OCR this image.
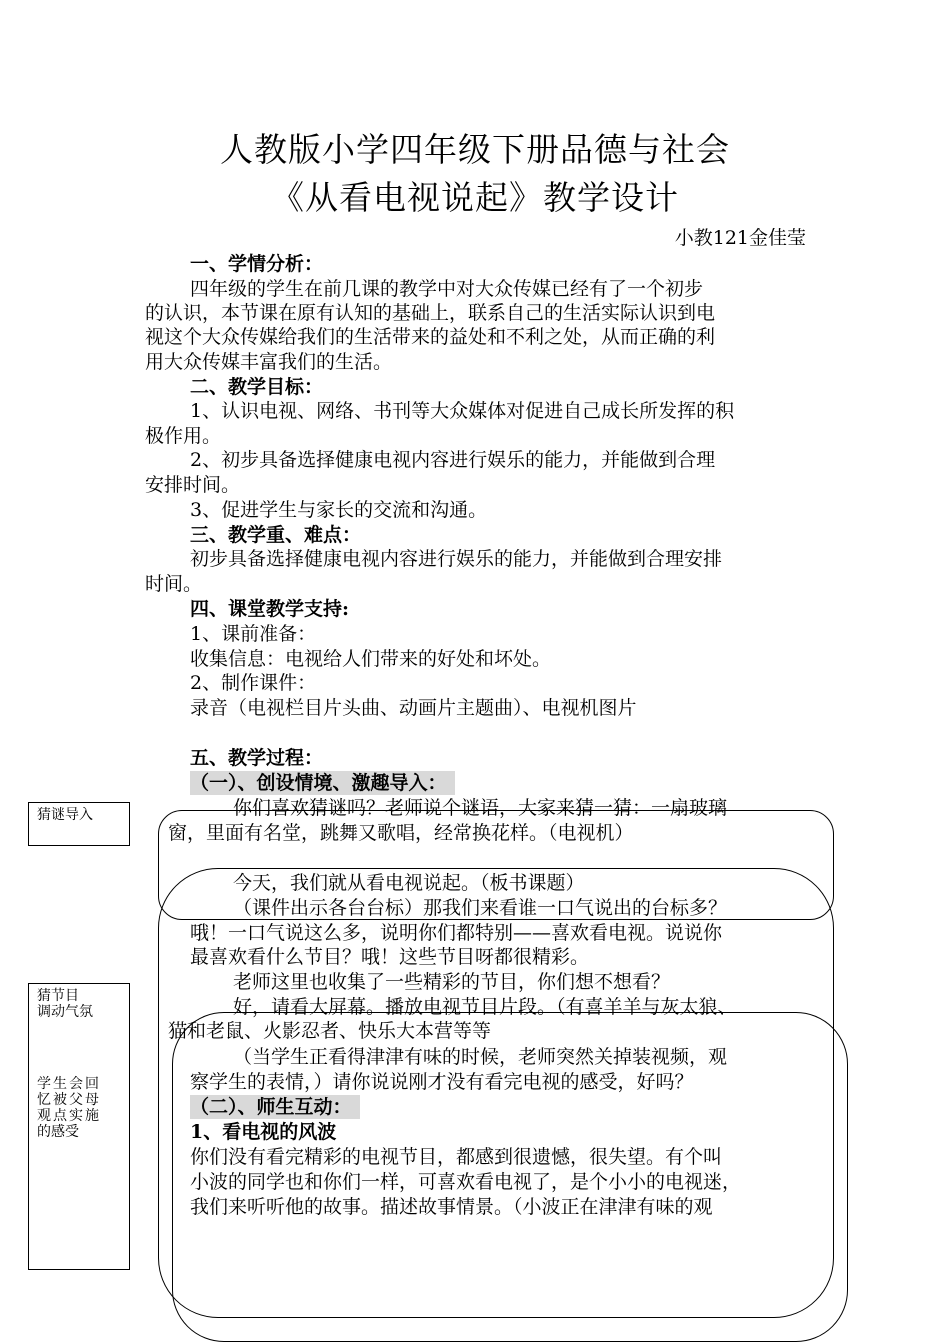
人教版小学四年级下册品德与社会
《从看电视说起》教学设计
小教121金佳莹
一、学情分析：
四年级的学生在前几课的教学中对大众传媒已经有了一个初步
的认识，本节课在原有认知的基础上，联系自己的生活实际认识到电
视这个大众传媒给我们的生活带来的益处和不利之处，从而正确的利
用大众传媒丰富我们的生活。
二、教学目标：
1、认识电视、网络、书刊等大众媒体对促进自己成长所发挥的积
极作用。
2、初步具备选择健康电视内容进行娱乐的能力，并能做到合理
安排时间。
3、促进学生与家长的交流和沟通。
三、教学重、难点：
初步具备选择健康电视内容进行娱乐的能力，并能做到合理安排
时间。
四、课堂教学支持:
1、课前准备：
收集信息：电视给人们带来的好处和坏处。
2、制作课件：
录音（电视栏目片头曲、动画片主题曲）、电视机图片
五、教学过程：
（一）、创设情境、激趣导入：
你们喜欢猜谜吗？老师说个谜语，大家来猜一猜：一扇玻璃
窗，里面有名堂，跳舞又歌唱，经常换花样。（电视机）
今天，我们就从看电视说起。（板书课题）
（课件出示各台台标）那我们来看谁一口气说出的台标多？
哦！一口气说这么多，说明你们都特别——喜欢看电视。说说你
最喜欢看什么节目？哦！这些节目呀都很精彩。
老师这里也收集了一些精彩的节目，你们想不想看？
好，请看大屏幕。播放电视节目片段。（有喜羊羊与灰太狼、
猫和老鼠、火影忍者、快乐大本营等等
（当学生正看得津津有味的时候，老师突然关掉装视频，观
察学生的表情，）请你说说刚才没有看完电视的感受，好吗？
（二）、师生互动：
1、看电视的风波
你们没有看完精彩的电视节目，都感到很遗憾，很失望。有个叫
小波的同学也和你们一样，可喜欢看电视了，是个小小的电视迷，
我们来听听他的故事。描述故事情景。（小波正在津津有味的观
猜谜导入
猜节目
调动气氛
学生会回
忆被父母
观点实施
的感受
